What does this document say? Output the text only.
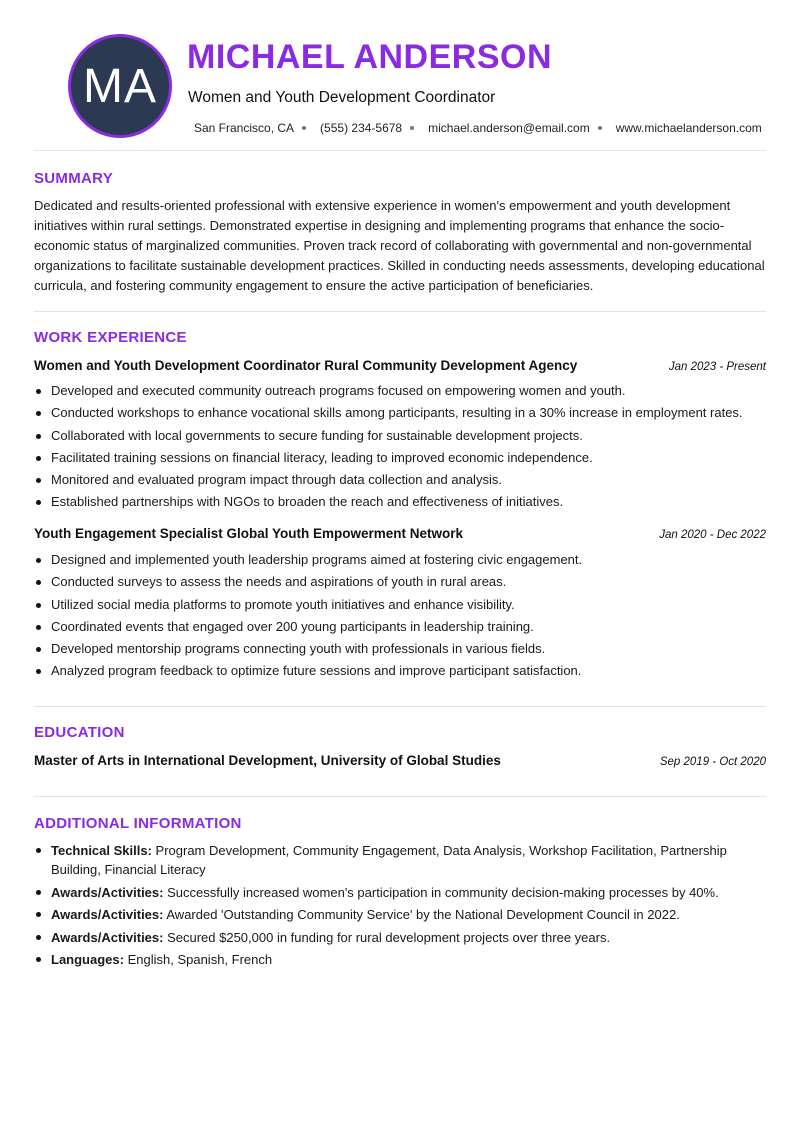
MA
MICHAEL ANDERSON
Women and Youth Development Coordinator
San Francisco, CA (555) 234-5678 michael.anderson@email.com www.michaelanderson.com
SUMMARY
Dedicated and results-oriented professional with extensive experience in women's empowerment and youth development initiatives within rural settings. Demonstrated expertise in designing and implementing programs that enhance the socio-economic status of marginalized communities. Proven track record of collaborating with governmental and non-governmental organizations to facilitate sustainable development practices. Skilled in conducting needs assessments, developing educational curricula, and fostering community engagement to ensure the active participation of beneficiaries.
WORK EXPERIENCE
Women and Youth Development Coordinator Rural Community Development Agency	Jan 2023 - Present
Developed and executed community outreach programs focused on empowering women and youth.
Conducted workshops to enhance vocational skills among participants, resulting in a 30% increase in employment rates.
Collaborated with local governments to secure funding for sustainable development projects.
Facilitated training sessions on financial literacy, leading to improved economic independence.
Monitored and evaluated program impact through data collection and analysis.
Established partnerships with NGOs to broaden the reach and effectiveness of initiatives.
Youth Engagement Specialist Global Youth Empowerment Network	Jan 2020 - Dec 2022
Designed and implemented youth leadership programs aimed at fostering civic engagement.
Conducted surveys to assess the needs and aspirations of youth in rural areas.
Utilized social media platforms to promote youth initiatives and enhance visibility.
Coordinated events that engaged over 200 young participants in leadership training.
Developed mentorship programs connecting youth with professionals in various fields.
Analyzed program feedback to optimize future sessions and improve participant satisfaction.
EDUCATION
Master of Arts in International Development, University of Global Studies	Sep 2019 - Oct 2020
ADDITIONAL INFORMATION
Technical Skills: Program Development, Community Engagement, Data Analysis, Workshop Facilitation, Partnership Building, Financial Literacy
Awards/Activities: Successfully increased women's participation in community decision-making processes by 40%.
Awards/Activities: Awarded 'Outstanding Community Service' by the National Development Council in 2022.
Awards/Activities: Secured $250,000 in funding for rural development projects over three years.
Languages: English, Spanish, French
